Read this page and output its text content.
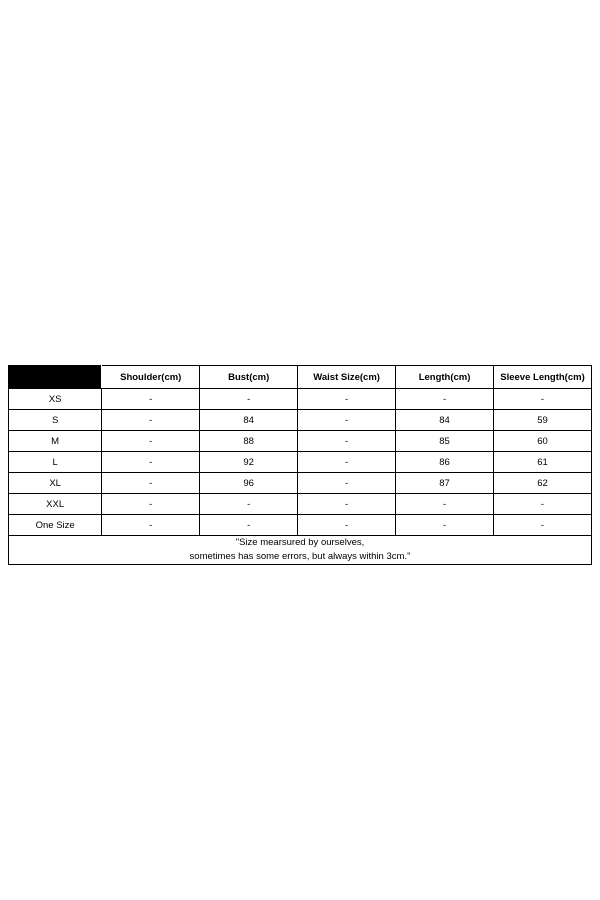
	Shoulder(cm)	Bust(cm)	Waist Size(cm)	Length(cm)	Sleeve Length(cm)
XS	-	-	-	-	-
S	-	84	-	84	59
M	-	88	-	85	60
L	-	92	-	86	61
XL	-	96	-	87	62
XXL	-	-	-	-	-
One Size	-	-	-	-	-

"Size mearsured by ourselves,
sometimes has some errors, but always within 3cm."					
